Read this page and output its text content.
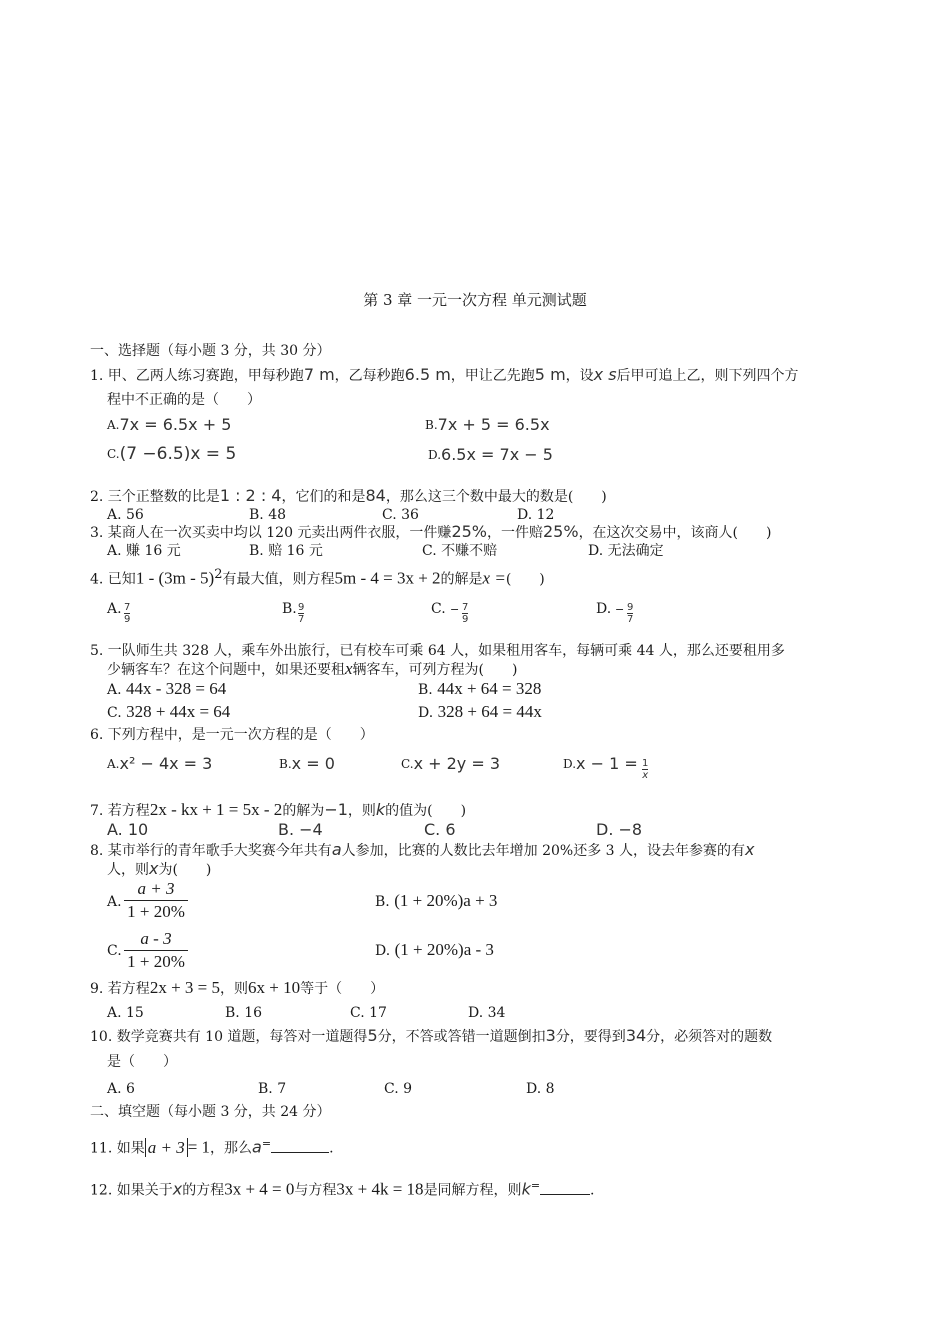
第 3 章 一元一次方程 单元测试题
一、选择题（每小题 3 分，共 30 分）
1. 甲、乙两人练习赛跑，甲每秒跑7 m，乙每秒跑6.5 m，甲让乙先跑5 m，设x s后甲可追上乙，则下列四个方
程中不正确的是（　　）
A.7x = 6.5x + 5	B.7x + 5 = 6.5x
C.(7 −6.5)x = 5	D.6.5x = 7x − 5
2. 三个正整数的比是1 : 2 : 4，它们的和是84，那么这三个数中最大的数是(　　)
A. 56	B. 48	C. 36	D. 12
3. 某商人在一次买卖中均以 120 元卖出两件衣服，一件赚25%，一件赔25%，在这次交易中，该商人(　　)
A. 赚 16 元	B. 赔 16 元	C. 不赚不赔	D. 无法确定
4. 已知1 - (3m - 5)2有最大值，则方程5m - 4 = 3x + 2的解是x =(　　)
A. $\frac{7}{9}$	B. $\frac{9}{7}$	C. − $\frac{7}{9}$	D. − $\frac{9}{7}$
5. 一队师生共 328 人，乘车外出旅行，已有校车可乘 64 人，如果租用客车，每辆可乘 44 人，那么还要租用多
少辆客车？在这个问题中，如果还要租x辆客车，可列方程为(　　)
A. 44x - 328 = 64	B. 44x + 64 = 328
C. 328 + 44x = 64	D. 328 + 64 = 44x
6. 下列方程中，是一元一次方程的是（　　）
A.x² − 4x = 3	B.x = 0	C.x + 2y = 3	$D.x - 1 = \frac{1}{x}$
7. 若方程2x - kx + 1 = 5x - 2的解为−1，则k的值为(　　)
A. 10	B. −4	C. 6	D. −8
8. 某市举行的青年歌手大奖赛今年共有a人参加，比赛的人数比去年增加 20%还多 3 人，设去年参赛的有x
人，则x为(　　)
A. $\frac{a + 3}{1 + 20\%}$	B. (1 + 20%)a + 3
C. $\frac{a - 3}{1 + 20\%}$	D. (1 + 20%)a - 3
9. 若方程2x + 3 = 5，则6x + 10等于（　　）
A. 15	B. 16	C. 17	D. 34
10. 数学竞赛共有 10 道题，每答对一道题得5分，不答或答错一道题倒扣3分，要得到34分，必须答对的题数
是（　　）
A. 6	B. 7	C. 9	D. 8
二、填空题（每小题 3 分，共 24 分）
11. 如果 a + 3 = 1，那么a=	.
12. 如果关于x的方程3x + 4 = 0与方程3x + 4k = 18是同解方程，则k=	.
